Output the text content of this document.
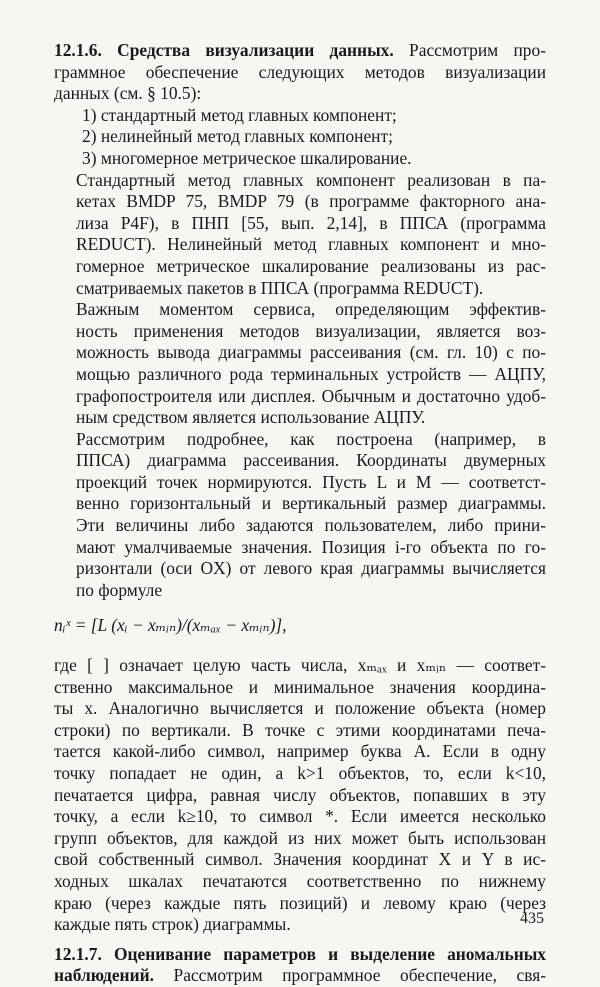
12.1.6. Средства визуализации данных. Рассмотрим про-
граммное обеспечение следующих методов визуализации
данных (см. § 10.5):

1) стандартный метод главных компонент;
2) нелинейный метод главных компонент;
3) многомерное метрическое шкалирование.

Стандартный метод главных компонент реализован в па-
кетах BMDP 75, BMDP 79 (в программе факторного ана-
лиза P4F), в ПНП [55, вып. 2,14], в ППСА (программа
REDUCT). Нелинейный метод главных компонент и мно-
гомерное метрическое шкалирование реализованы из рас-
сматриваемых пакетов в ППСА (программа REDUCT).

Важным моментом сервиса, определяющим эффектив-
ность применения методов визуализации, является воз-
можность вывода диаграммы рассеивания (см. гл. 10) с по-
мощью различного рода терминальных устройств — АЦПУ,
графопостроителя или дисплея. Обычным и достаточно удоб-
ным средством является использование АЦПУ.

Рассмотрим подробнее, как построена (например, в
ППСА) диаграмма рассеивания. Координаты двумерных
проекций точек нормируются. Пусть L и M — соответст-
венно горизонтальный и вертикальный размер диаграммы.
Эти величины либо задаются пользователем, либо прини-
мают умалчиваемые значения. Позиция i-го объекта по го-
ризонтали (оси OX) от левого края диаграммы вычисляется
по формуле

nᵢˣ = [L (xᵢ − xₘᵢₙ)/(xₘₐₓ − xₘᵢₙ)],

где [ ] означает целую часть числа, xₘₐₓ и xₘᵢₙ — соответ-
ственно максимальное и минимальное значения координа-
ты x. Аналогично вычисляется и положение объекта (номер
строки) по вертикали. В точке с этими координатами печа-
тается какой-либо символ, например буква А. Если в одну
точку попадает не один, а k>1 объектов, то, если k<10,
печатается цифра, равная числу объектов, попавших в эту
точку, а если k≥10, то символ *. Если имеется несколько
групп объектов, для каждой из них может быть использован
свой собственный символ. Значения координат X и Y в ис-
ходных шкалах печатаются соответственно по нижнему
краю (через каждые пять позиций) и левому краю (через
каждые пять строк) диаграммы.

12.1.7. Оценивание параметров и выделение аномальных
наблюдений. Рассмотрим программное обеспечение, свя-

435
